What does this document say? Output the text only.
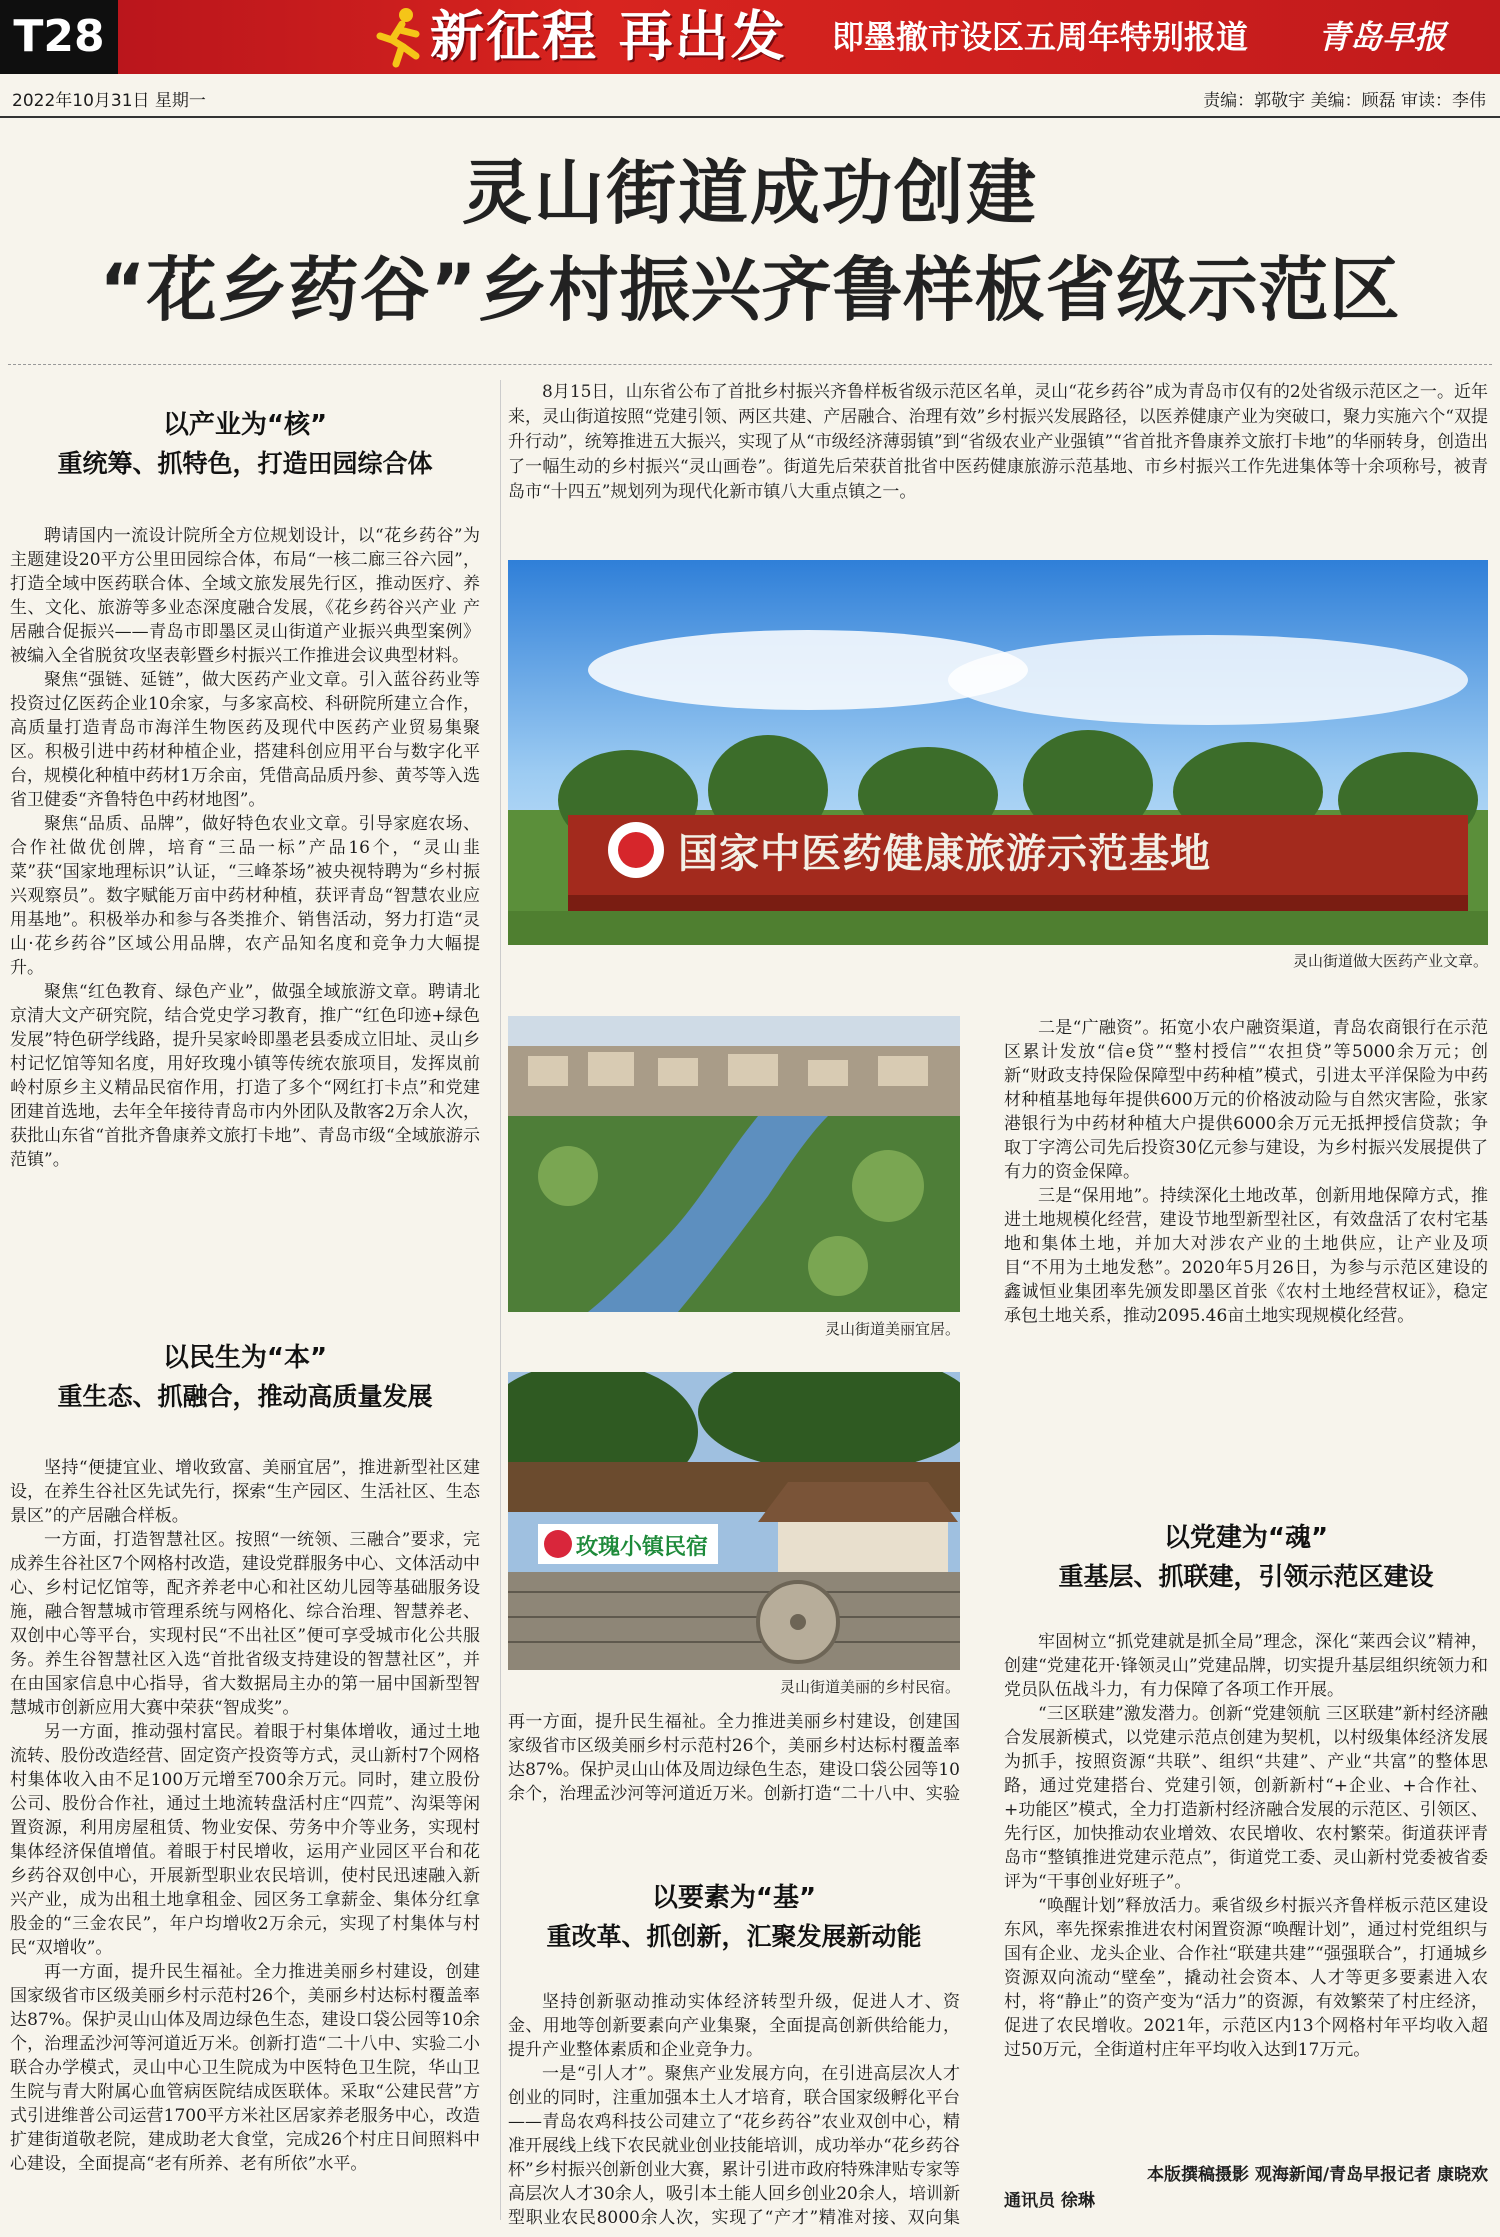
T28	新征程 再出发 即墨撤市设区五周年特别报道 青岛早报
2022年10月31日 星期一	责编：郭敬宇 美编：顾磊 审读：李伟
灵山街道成功创建
“花乡药谷”乡村振兴齐鲁样板省级示范区
8月15日，山东省公布了首批乡村振兴齐鲁样板省级示范区名单，灵山“花乡药谷”成为青岛市仅有的2处省级示范区之一。近年来，灵山街道按照“党建引领、两区共建、产居融合、治理有效”乡村振兴发展路径，以医养健康产业为突破口，聚力实施六个“双提升行动”，统筹推进五大振兴，实现了从“市级经济薄弱镇”到“省级农业产业强镇”“省首批齐鲁康养文旅打卡地”的华丽转身，创造出了一幅生动的乡村振兴“灵山画卷”。街道先后荣获首批省中医药健康旅游示范基地、市乡村振兴工作先进集体等十余项称号，被青岛市“十四五”规划列为现代化新市镇八大重点镇之一。
以产业为“核”
重统筹、抓特色，打造田园综合体

聘请国内一流设计院所全方位规划设计，以“花乡药谷”为主题建设20平方公里田园综合体，布局“一核二廊三谷六园”，打造全域中医药联合体、全域文旅发展先行区，推动医疗、养生、文化、旅游等多业态深度融合发展，《花乡药谷兴产业 产居融合促振兴——青岛市即墨区灵山街道产业振兴典型案例》被编入全省脱贫攻坚表彰暨乡村振兴工作推进会议典型材料。

聚焦“强链、延链”，做大医药产业文章。引入蓝谷药业等投资过亿医药企业10余家，与多家高校、科研院所建立合作，高质量打造青岛市海洋生物医药及现代中医药产业贸易集聚区。积极引进中药材种植企业，搭建科创应用平台与数字化平台，规模化种植中药材1万余亩，凭借高品质丹参、黄芩等入选省卫健委“齐鲁特色中药材地图”。

聚焦“品质、品牌”，做好特色农业文章。引导家庭农场、合作社做优创牌，培育“三品一标”产品16个，“灵山韭菜”获“国家地理标识”认证，“三峰茶场”被央视特聘为“乡村振兴观察员”。数字赋能万亩中药材种植，获评青岛“智慧农业应用基地”。积极举办和参与各类推介、销售活动，努力打造“灵山·花乡药谷”区域公用品牌，农产品知名度和竞争力大幅提升。

聚焦“红色教育、绿色产业”，做强全域旅游文章。聘请北京清大文产研究院，结合党史学习教育，推广“红色印迹+绿色发展”特色研学线路，提升吴家岭即墨老县委成立旧址、灵山乡村记忆馆等知名度，用好玫瑰小镇等传统农旅项目，发挥岚前岭村原乡主义精品民宿作用，打造了多个“网红打卡点”和党建团建首选地，去年全年接待青岛市内外团队及散客2万余人次，获批山东省“首批齐鲁康养文旅打卡地”、青岛市级“全域旅游示范镇”。

以民生为“本”
重生态、抓融合，推动高质量发展

坚持“便捷宜业、增收致富、美丽宜居”，推进新型社区建设，在养生谷社区先试先行，探索“生产园区、生活社区、生态景区”的产居融合样板。

一方面，打造智慧社区。按照“一统领、三融合”要求，完成养生谷社区7个网格村改造，建设党群服务中心、文体活动中心、乡村记忆馆等，配齐养老中心和社区幼儿园等基础服务设施，融合智慧城市管理系统与网格化、综合治理、智慧养老、双创中心等平台，实现村民“不出社区”便可享受城市化公共服务。养生谷智慧社区入选“首批省级支持建设的智慧社区”，并在由国家信息中心指导，省大数据局主办的第一届中国新型智慧城市创新应用大赛中荣获“智成奖”。

另一方面，推动强村富民。着眼于村集体增收，通过土地流转、股份改造经营、固定资产投资等方式，灵山新村7个网格村集体收入由不足100万元增至700余万元。同时，建立股份公司、股份合作社，通过土地流转盘活村庄“四荒”、沟渠等闲置资源，利用房屋租赁、物业安保、劳务中介等业务，实现村集体经济保值增值。着眼于村民增收，运用产业园区平台和花乡药谷双创中心，开展新型职业农民培训，使村民迅速融入新兴产业，成为出租土地拿租金、园区务工拿薪金、集体分红拿股金的“三金农民”，年户均增收2万余元，实现了村集体与村民“双增收”。

再一方面，提升民生福祉。全力推进美丽乡村建设，创建国家级省市区级美丽乡村示范村26个，美丽乡村达标村覆盖率达87%。保护灵山山体及周边绿色生态，建设口袋公园等10余个，治理孟沙河等河道近万米。创新打造“二十八中、实验二小联合办学模式，灵山中心卫生院成为中医特色卫生院，华山卫生院与青大附属心血管病医院结成医联体。采取“公建民营”方式引进维普公司运营1700平方米社区居家养老服务中心，改造扩建街道敬老院，建成助老大食堂，完成26个村庄日间照料中心建设，全面提高“老有所养、老有所依”水平。

国家中医药健康旅游示范基地
灵山街道做大医药产业文章。
灵山街道美丽宜居。
玫瑰小镇民宿
灵山街道美丽的乡村民宿。

再一方面，提升民生福祉。全力推进美丽乡村建设，创建国家级省市区级美丽乡村示范村26个，美丽乡村达标村覆盖率达87%。保护灵山山体及周边绿色生态，建设口袋公园等10余个，治理孟沙河等河道近万米。创新打造“二十八中、实验

以要素为“基”
重改革、抓创新，汇聚发展新动能

坚持创新驱动推动实体经济转型升级，促进人才、资金、用地等创新要素向产业集聚，全面提高创新供给能力，提升产业整体素质和企业竞争力。

一是“引人才”。聚焦产业发展方向，在引进高层次人才创业的同时，注重加强本土人才培育，联合国家级孵化平台——青岛农鸡科技公司建立了“花乡药谷”农业双创中心，精准开展线上线下农民就业创业技能培训，成功举办“花乡药谷杯”乡村振兴创新创业大赛，累计引进市政府特殊津贴专家等高层次人才30余人，吸引本土能人回乡创业20余人，培训新型职业农民8000余人次，实现了“产才”精准对接、双向集

二是“广融资”。拓宽小农户融资渠道，青岛农商银行在示范区累计发放“信e贷”“整村授信”“农担贷”等5000余万元；创新“财政支持保险保障型中药种植”模式，引进太平洋保险为中药材种植基地每年提供600万元的价格波动险与自然灾害险，张家港银行为中药材种植大户提供6000余万元无抵押授信贷款；争取丁字湾公司先后投资30亿元参与建设，为乡村振兴发展提供了有力的资金保障。

三是“保用地”。持续深化土地改革，创新用地保障方式，推进土地规模化经营，建设节地型新型社区，有效盘活了农村宅基地和集体土地，并加大对涉农产业的土地供应，让产业及项目“不用为土地发愁”。2020年5月26日，为参与示范区建设的鑫诚恒业集团率先颁发即墨区首张《农村土地经营权证》，稳定承包土地关系，推动2095.46亩土地实现规模化经营。

以党建为“魂”
重基层、抓联建，引领示范区建设

牢固树立“抓党建就是抓全局”理念，深化“莱西会议”精神，创建“党建花开·锋领灵山”党建品牌，切实提升基层组织统领力和党员队伍战斗力，有力保障了各项工作开展。

“三区联建”激发潜力。创新“党建领航 三区联建”新村经济融合发展新模式，以党建示范点创建为契机，以村级集体经济发展为抓手，按照资源“共联”、组织“共建”、产业“共富”的整体思路，通过党建搭台、党建引领，创新新村“+企业、+合作社、+功能区”模式，全力打造新村经济融合发展的示范区、引领区、先行区，加快推动农业增效、农民增收、农村繁荣。街道获评青岛市“整镇推进党建示范点”，街道党工委、灵山新村党委被省委评为“干事创业好班子”。

“唤醒计划”释放活力。乘省级乡村振兴齐鲁样板示范区建设东风，率先探索推进农村闲置资源“唤醒计划”，通过村党组织与国有企业、龙头企业、合作社“联建共建”“强强联合”，打通城乡资源双向流动“壁垒”，撬动社会资本、人才等更多要素进入农村，将“静止”的资产变为“活力”的资源，有效繁荣了村庄经济，促进了农民增收。2021年，示范区内13个网格村年平均收入超过50万元，全街道村庄年平均收入达到17万元。

本版撰稿摄影 观海新闻/青岛早报记者 康晓欢
通讯员 徐琳
